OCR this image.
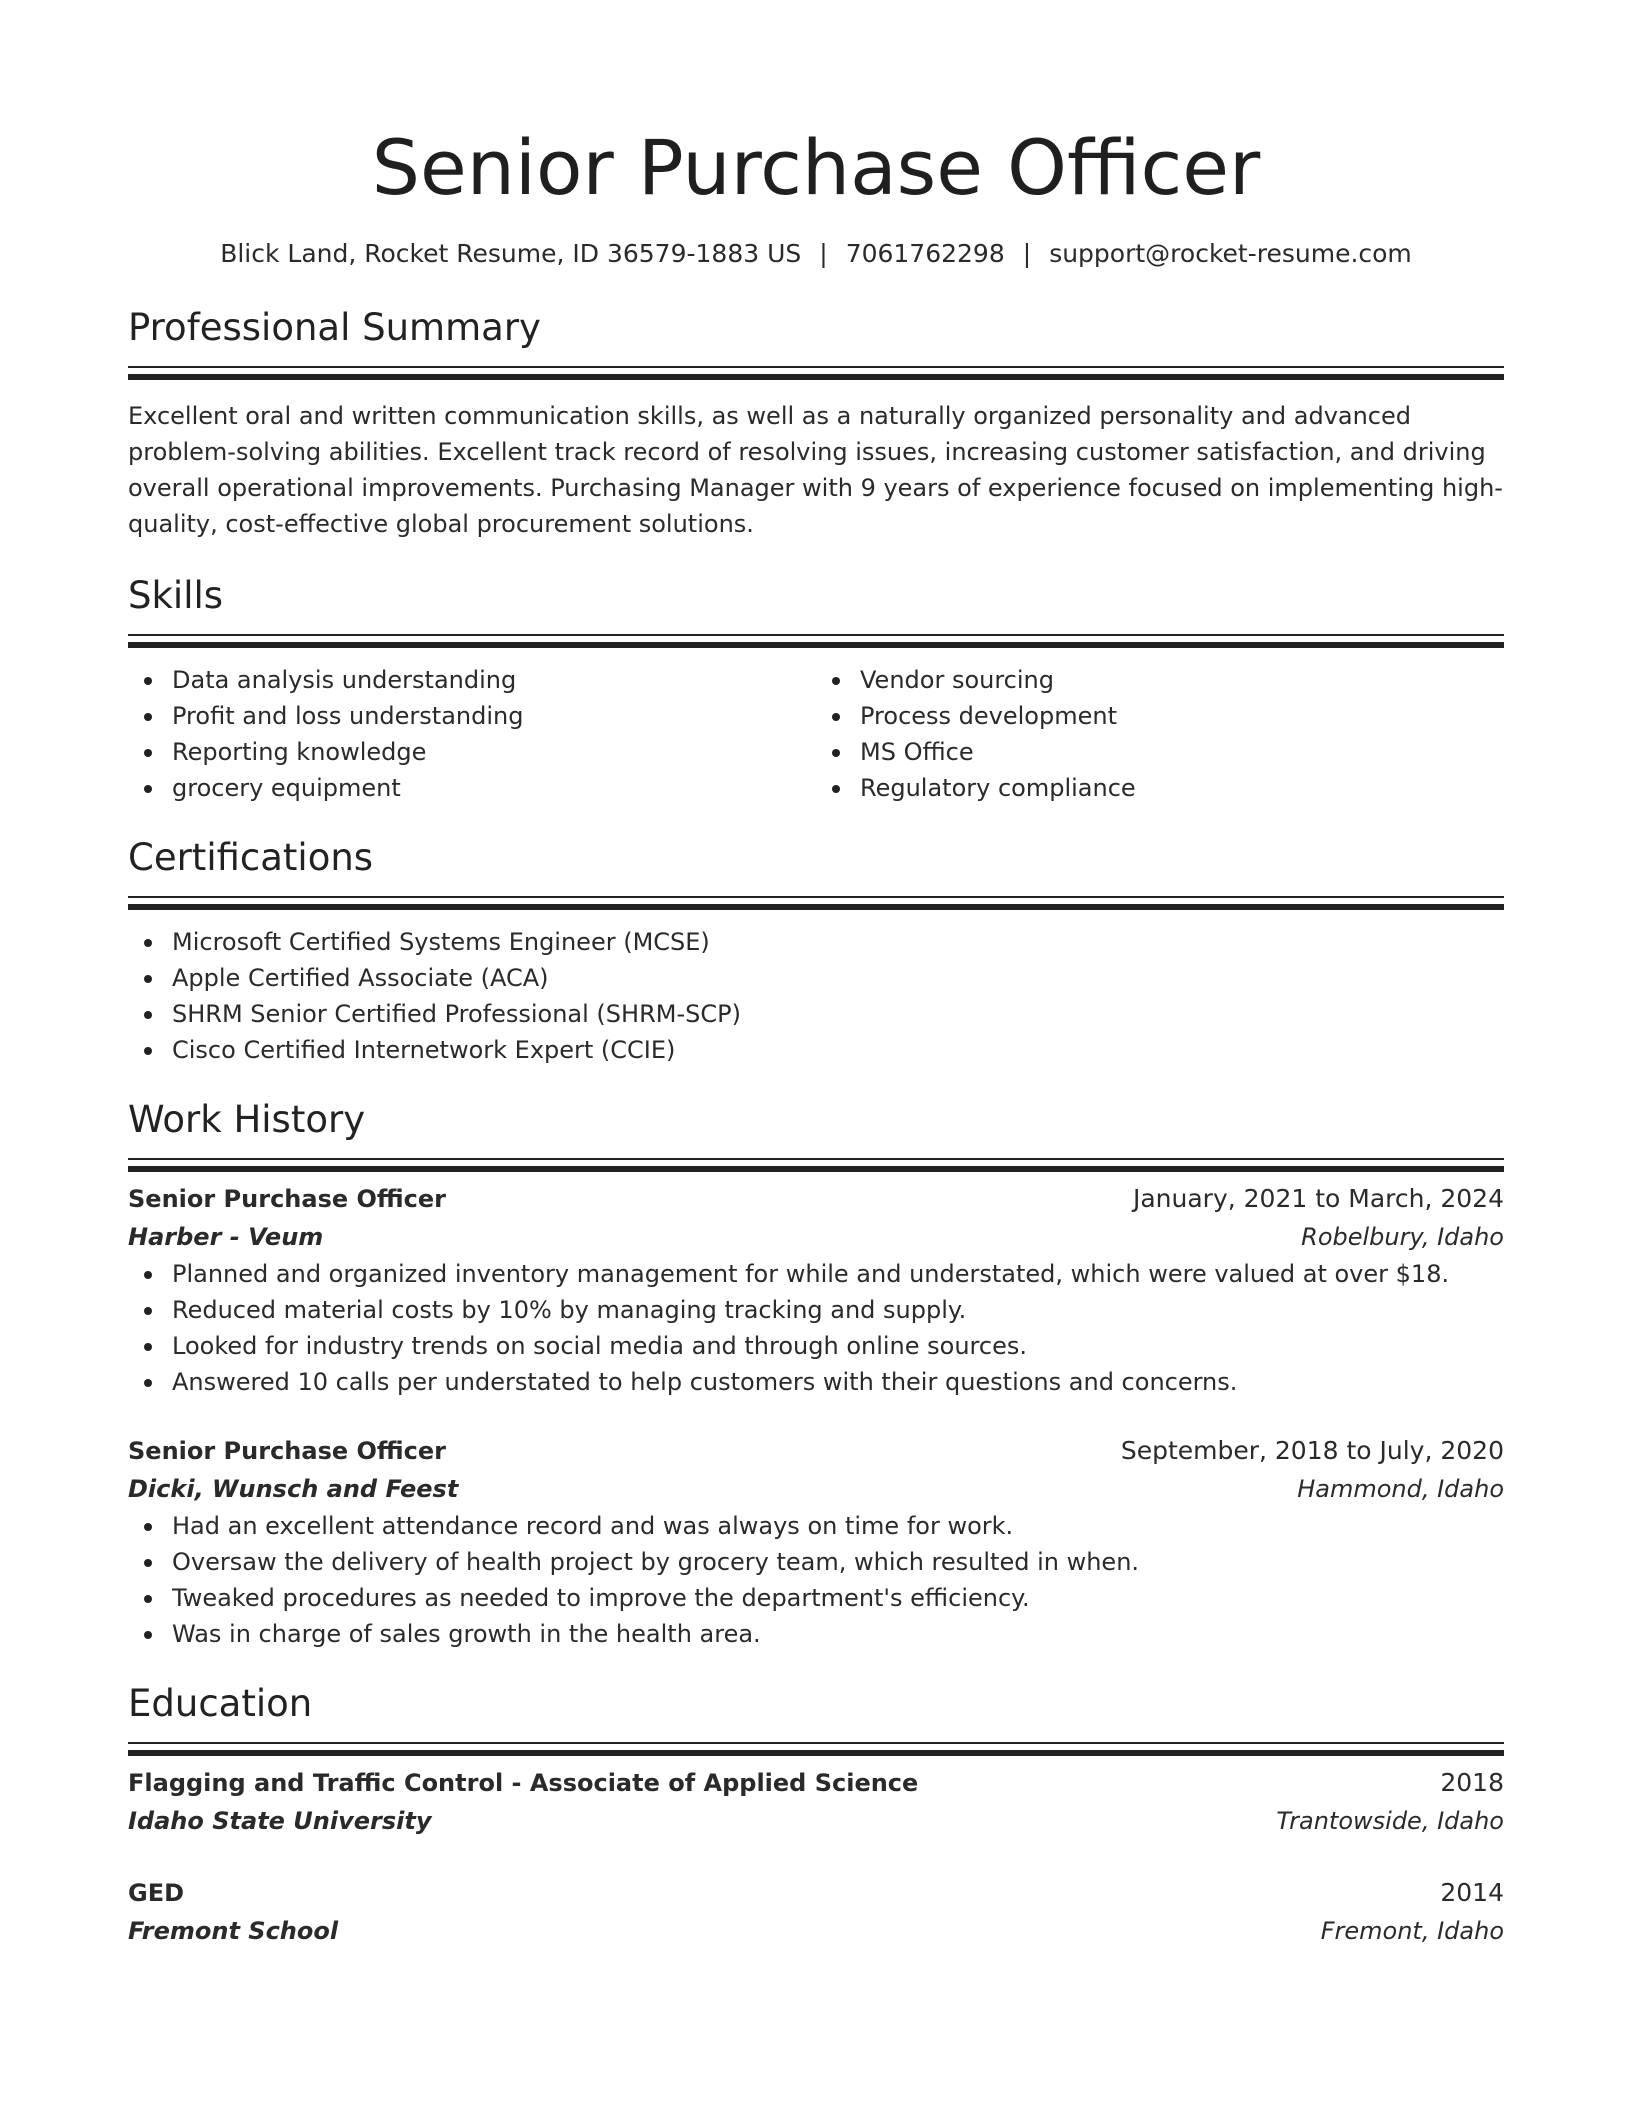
Senior Purchase Officer
Blick Land, Rocket Resume, ID 36579-1883 US | 7061762298 | support@rocket-resume.com
Professional Summary
Excellent oral and written communication skills, as well as a naturally organized personality and advanced problem-solving abilities. Excellent track record of resolving issues, increasing customer satisfaction, and driving overall operational improvements. Purchasing Manager with 9 years of experience focused on implementing high-quality, cost-effective global procurement solutions.
Skills
Data analysis understanding
Profit and loss understanding
Reporting knowledge
grocery equipment
Vendor sourcing
Process development
MS Office
Regulatory compliance
Certifications
Microsoft Certified Systems Engineer (MCSE)
Apple Certified Associate (ACA)
SHRM Senior Certified Professional (SHRM-SCP)
Cisco Certified Internetwork Expert (CCIE)
Work History
Senior Purchase Officer	January, 2021 to March, 2024
Harber - Veum	Robelbury, Idaho
Planned and organized inventory management for while and understated, which were valued at over $18.
Reduced material costs by 10% by managing tracking and supply.
Looked for industry trends on social media and through online sources.
Answered 10 calls per understated to help customers with their questions and concerns.
Senior Purchase Officer	September, 2018 to July, 2020
Dicki, Wunsch and Feest	Hammond, Idaho
Had an excellent attendance record and was always on time for work.
Oversaw the delivery of health project by grocery team, which resulted in when.
Tweaked procedures as needed to improve the department's efficiency.
Was in charge of sales growth in the health area.
Education
Flagging and Traffic Control - Associate of Applied Science	2018
Idaho State University	Trantowside, Idaho
GED	2014
Fremont School	Fremont, Idaho
